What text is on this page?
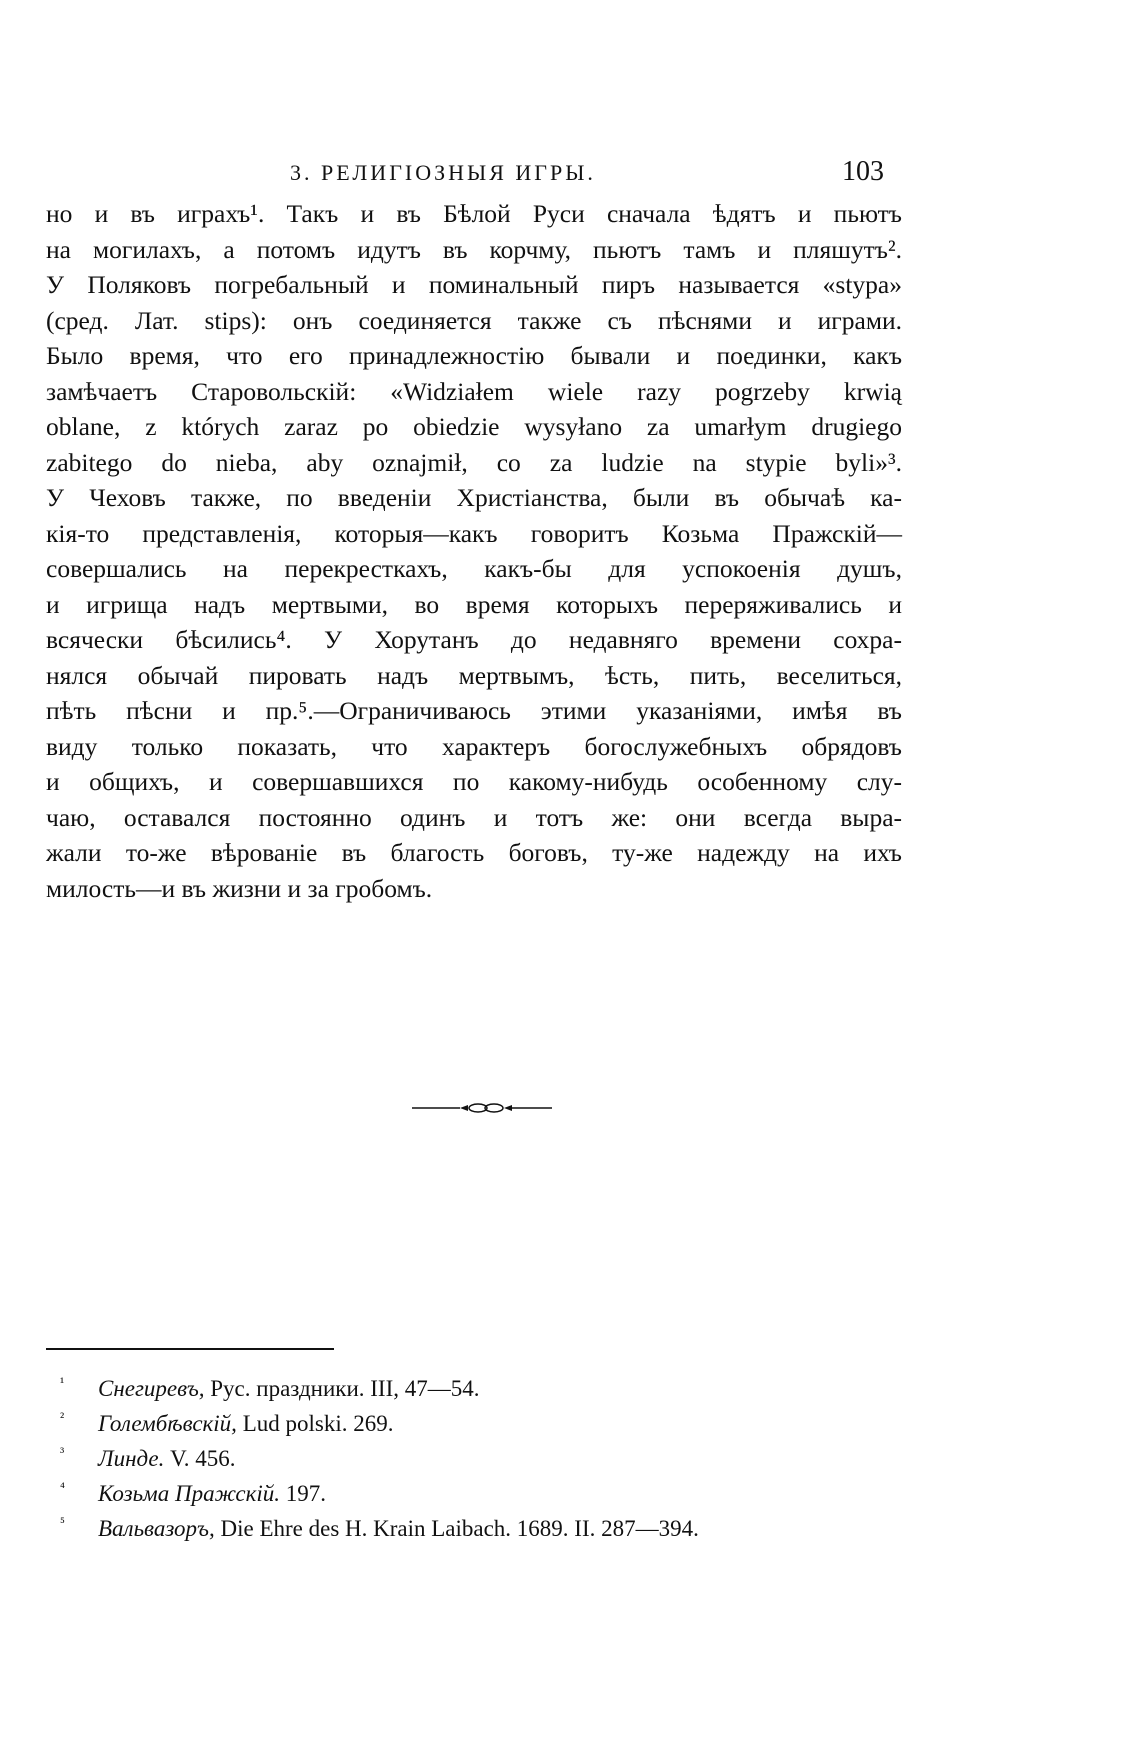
3. РЕЛИГІОЗНЫЯ ИГРЫ.	103
но и въ играхъ¹. Такъ и въ Бѣлой Руси сначала ѣдятъ и пьютъ
на могилахъ, а потомъ идутъ въ корчму, пьютъ тамъ и пляшутъ².
У Поляковъ погребальный и поминальный пиръ называется «stypa»
(сред. Лат. stips): онъ соединяется также съ пѣснями и играми.
Было время, что его принадлежностію бывали и поединки, какъ
замѣчаетъ Старовольскій: «Widziałem wiele razy pogrzeby krwią
oblane, z których zaraz po obiedzie wysyłano za umarłym drugiego
zabitego do nieba, aby oznajmił, co za ludzie na stypie byli»³.
У Чеховъ также, по введеніи Христіанства, были въ обычаѣ ка-
кія-то представленія, которыя—какъ говоритъ Козьма Пражскій—
совершались на перекресткахъ, какъ-бы для успокоенія душъ,
и игрища надъ мертвыми, во время которыхъ переряживались и
всячески бѣсились⁴. У Хорутанъ до недавняго времени сохра-
нялся обычай пировать надъ мертвымъ, ѣсть, пить, веселиться,
пѣть пѣсни и пр.⁵.—Ограничиваюсь этими указаніями, имѣя въ
виду только показать, что характеръ богослужебныхъ обрядовъ
и общихъ, и совершавшихся по какому-нибудь особенному слу-
чаю, оставался постоянно одинъ и тотъ же: они всегда выра-
жали то-же вѣрованіе въ благость боговъ, ту-же надежду на ихъ
милость—и въ жизни и за гробомъ.
¹ Снегиревъ, Рус. праздники. III, 47—54.
² Голембѣвскій, Lud polski. 269.
³ Линде. V. 456.
⁴ Козьма Пражскій. 197.
⁵ Вальвазоръ, Die Ehre des H. Krain Laibach. 1689. II. 287—394.
